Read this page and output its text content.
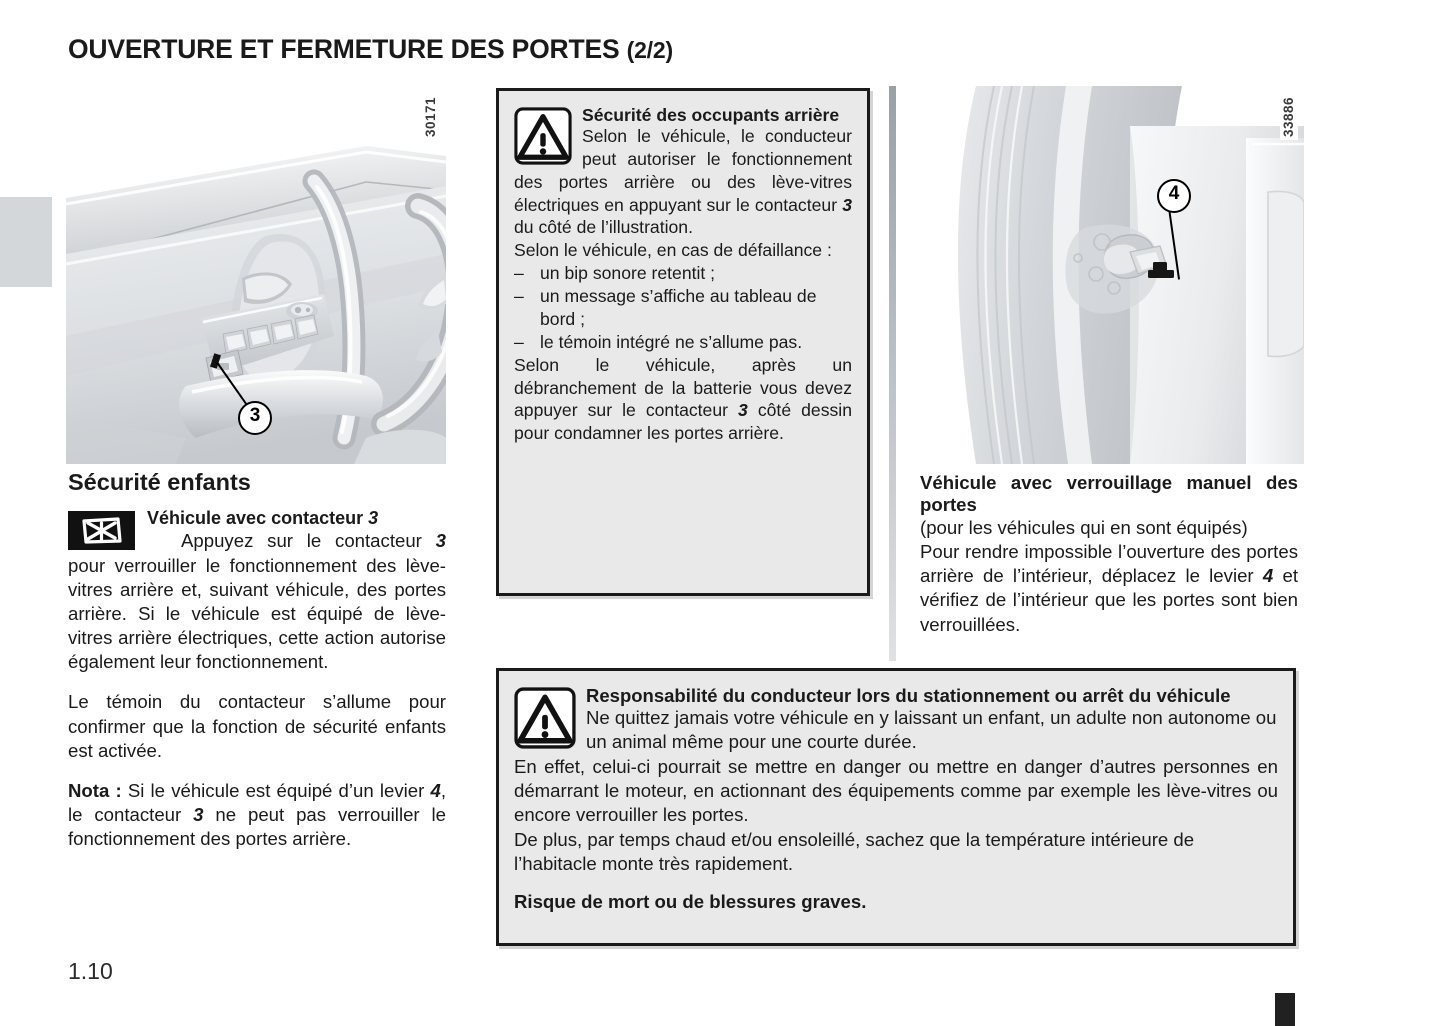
OUVERTURE ET FERMETURE DES PORTES (2/2)
3
30171
4
33886
Sécurité des occupants arrière
Selon le véhicule, le conducteur peut autoriser le fonctionnement des portes arrière ou des lève-vitres électriques en appuyant sur le contacteur 3 du côté de l’illustration.
Selon le véhicule, en cas de défaillance :
– un bip sonore retentit ;
– un message s’affiche au tableau de bord ;
– le témoin intégré ne s’allume pas.
Selon le véhicule, après un débranchement de la batterie vous devez appuyer sur le contacteur 3 côté dessin pour condamner les portes arrière.
Sécurité enfants
Véhicule avec contacteur 3

Appuyez sur le contacteur 3 pour verrouiller le fonctionnement des lève-vitres arrière et, suivant véhicule, des portes arrière. Si le véhicule est équipé de lève-vitres arrière électriques, cette action autorise également leur fonctionnement.

Le témoin du contacteur s’allume pour confirmer que la fonction de sécurité enfants est activée.

Nota : Si le véhicule est équipé d’un levier 4, le contacteur 3 ne peut pas verrouiller le fonctionnement des portes arrière.

Véhicule avec verrouillage manuel des portes

(pour les véhicules qui en sont équipés)

Pour rendre impossible l’ouverture des portes arrière de l’intérieur, déplacez le levier 4 et vérifiez de l’intérieur que les portes sont bien verrouillées.

Responsabilité du conducteur lors du stationnement ou arrêt du véhicule
Ne quittez jamais votre véhicule en y laissant un enfant, un adulte non autonome ou un animal même pour une courte durée.
En effet, celui-ci pourrait se mettre en danger ou mettre en danger d’autres personnes en démarrant le moteur, en actionnant des équipements comme par exemple les lève-vitres ou encore verrouiller les portes.
De plus, par temps chaud et/ou ensoleillé, sachez que la température intérieure de l’habitacle monte très rapidement.
Risque de mort ou de blessures graves.
1.10
